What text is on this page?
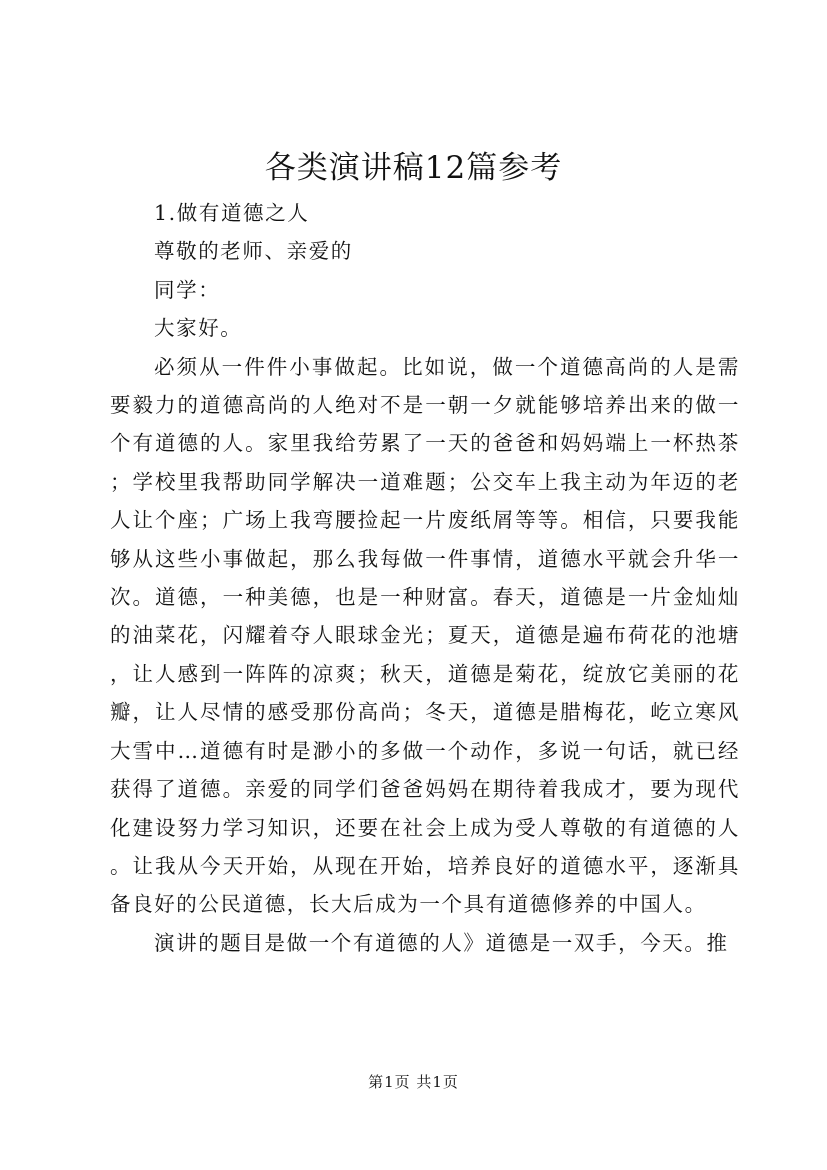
各类演讲稿12篇参考

1.做有道德之人

尊敬的老师、亲爱的

同学：

大家好。

必须从一件件小事做起。比如说，做一个道德高尚的人是需要毅力的道德高尚的人绝对不是一朝一夕就能够培养出来的做一个有道德的人。家里我给劳累了一天的爸爸和妈妈端上一杯热茶；学校里我帮助同学解决一道难题；公交车上我主动为年迈的老人让个座；广场上我弯腰捡起一片废纸屑等等。相信，只要我能够从这些小事做起，那么我每做一件事情，道德水平就会升华一次。道德，一种美德，也是一种财富。春天，道德是一片金灿灿的油菜花，闪耀着夺人眼球金光；夏天，道德是遍布荷花的池塘，让人感到一阵阵的凉爽；秋天，道德是菊花，绽放它美丽的花瓣，让人尽情的感受那份高尚；冬天，道德是腊梅花，屹立寒风大雪中…道德有时是渺小的多做一个动作，多说一句话，就已经获得了道德。亲爱的同学们爸爸妈妈在期待着我成才，要为现代化建设努力学习知识，还要在社会上成为受人尊敬的有道德的人。让我从今天开始，从现在开始，培养良好的道德水平，逐渐具备良好的公民道德，长大后成为一个具有道德修养的中国人。

演讲的题目是做一个有道德的人》道德是一双手，今天。推

第1页 共1页
